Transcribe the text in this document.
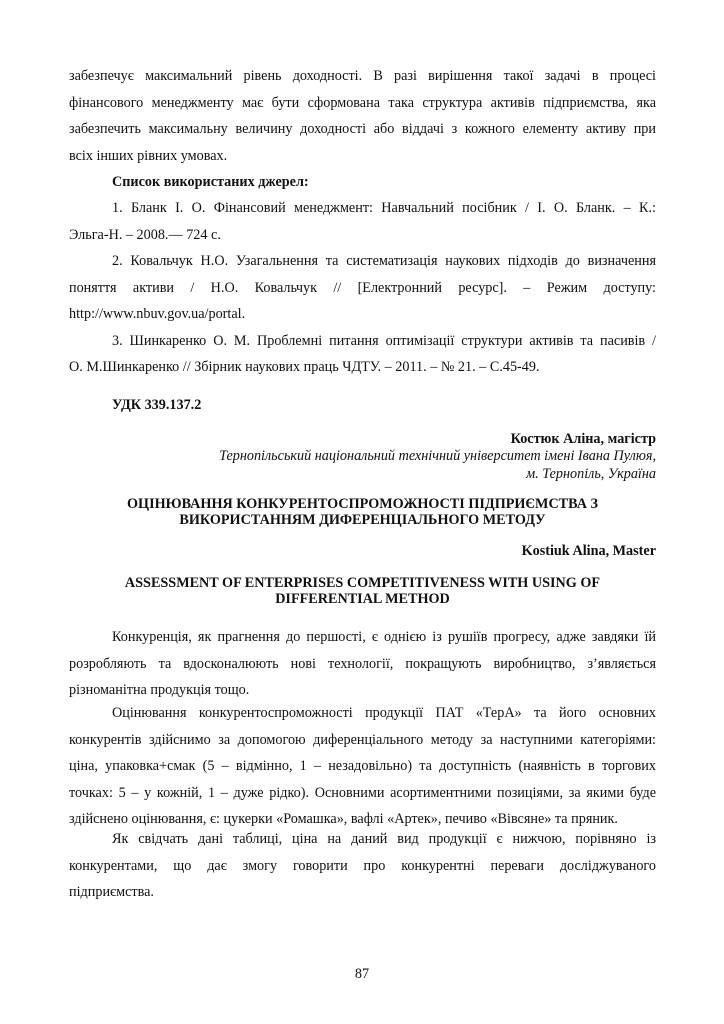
забезпечує максимальний рівень доходності. В разі вирішення такої задачі в процесі
фінансового менеджменту має бути сформована така структура активів підприємства, яка
забезпечить максимальну величину доходності або віддачі з кожного елементу активу при
всіх інших рівних умовах.
Список використаних джерел:
1. Бланк І. О. Фінансовий менеджмент: Навчальний посібник / І. О. Бланк. – К.:
Эльга-Н. – 2008.— 724 с.
2. Ковальчук Н.О. Узагальнення та систематизація наукових підходів до визначення
поняття активи / Н.О. Ковальчук // [Електронний ресурс]. – Режим доступу:
http://www.nbuv.gov.ua/portal.
3. Шинкаренко О. М. Проблемні питання оптимізації структури активів та пасивів /
О. М.Шинкаренко // Збірник наукових праць ЧДТУ. – 2011. – № 21. – С.45-49.
УДК 339.137.2
Костюк Аліна, магістр
Тернопільський національний технічний університет імені Івана Пулюя,
м. Тернопіль, Україна
ОЦІНЮВАННЯ КОНКУРЕНТОСПРОМОЖНОСТІ ПІДПРИЄМСТВА З
ВИКОРИСТАННЯМ ДИФЕРЕНЦІАЛЬНОГО МЕТОДУ
Kostiuk Alina, Master
ASSESSMENT OF ENTERPRISES COMPETITIVENESS WITH USING OF
DIFFERENTIAL METHOD
Конкуренція, як прагнення до першості, є однією із рушіїв прогресу, адже завдяки їй
розробляють та вдосконалюють нові технології, покращують виробництво, з’являється
різноманітна продукція тощо.
Оцінювання конкурентоспроможності продукції ПАТ «ТерА» та його основних
конкурентів здійснимо за допомогою диференціального методу за наступними категоріями:
ціна, упаковка+смак (5 – відмінно, 1 – незадовільно) та доступність (наявність в торгових
точках: 5 – у кожній, 1 – дуже рідко). Основними асортиментними позиціями, за якими буде
здійснено оцінювання, є: цукерки «Ромашка», вафлі «Артек», печиво «Вівсяне» та пряник.
Як свідчать дані таблиці, ціна на даний вид продукції є нижчою, порівняно із
конкурентами, що дає змогу говорити про конкурентні переваги досліджуваного
підприємства.
87
